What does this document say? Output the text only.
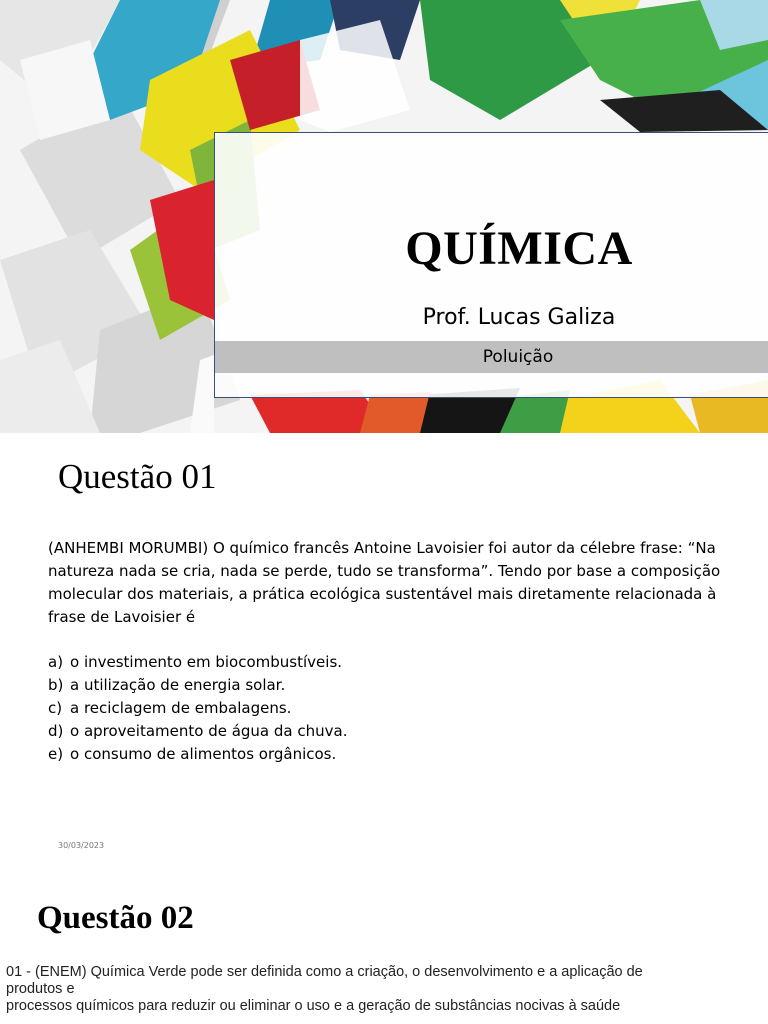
QUÍMICA
Prof. Lucas Galiza
Poluição
Questão 01
(ANHEMBI MORUMBI) O químico francês Antoine Lavoisier foi autor da célebre frase: “Na natureza nada se cria, nada se perde, tudo se transforma”. Tendo por base a composição molecular dos materiais, a prática ecológica sustentável mais diretamente relacionada à frase de Lavoisier é
a) o investimento em biocombustíveis.
b) a utilização de energia solar.
c) a reciclagem de embalagens.
d) o aproveitamento de água da chuva.
e) o consumo de alimentos orgânicos.
30/03/2023
Questão 02
01 - (ENEM) Química Verde pode ser definida como a criação, o desenvolvimento e a aplicação de
produtos e
processos químicos para reduzir ou eliminar o uso e a geração de substâncias nocivas à saúde
